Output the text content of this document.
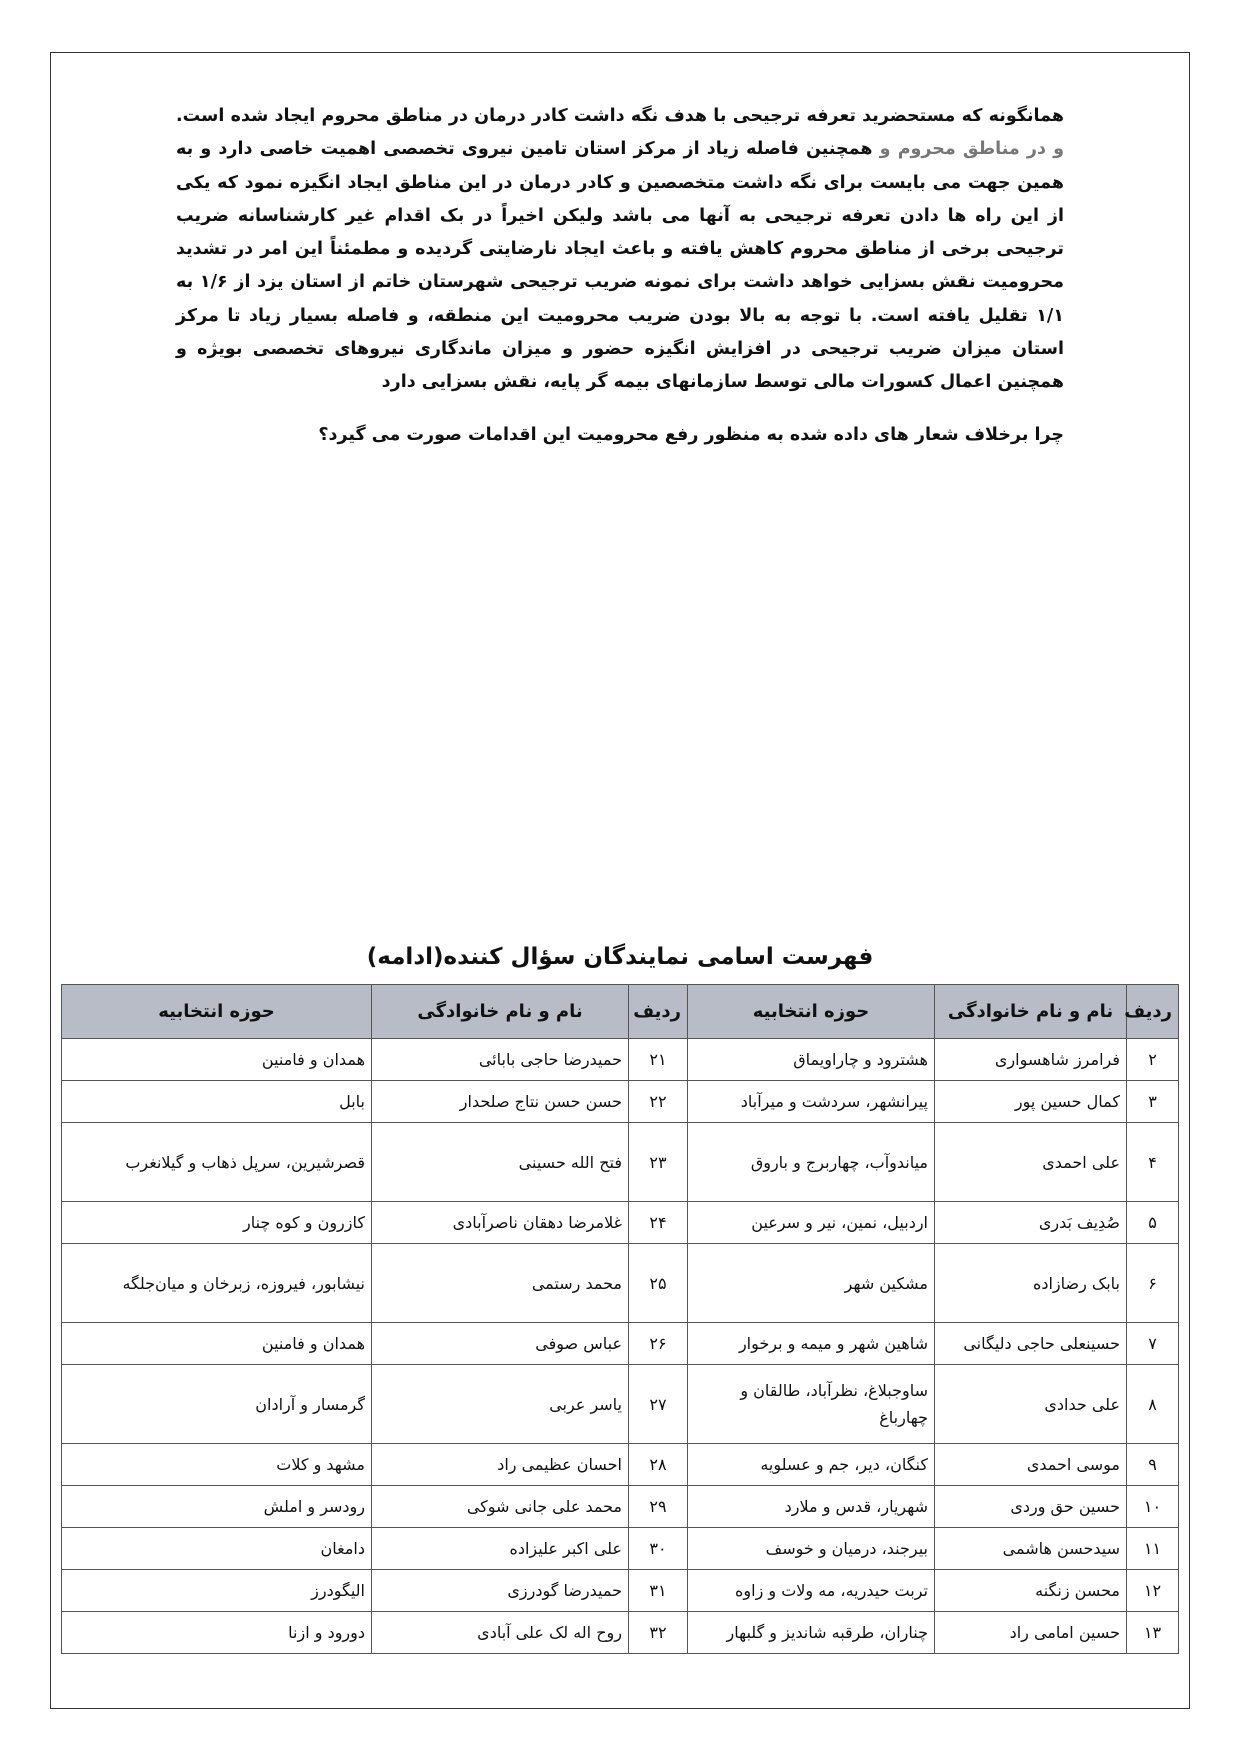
همانگونه که مستحضرید تعرفه ترجیحی با هدف نگه داشت کادر درمان در مناطق محروم ایجاد شده است. و در مناطق محروم و همچنین فاصله زیاد از مرکز استان تامین نیروی تخصصی اهمیت خاصی دارد و به همین جهت می بایست برای نگه داشت متخصصین و کادر درمان در این مناطق ایجاد انگیزه نمود که یکی از این راه ها دادن تعرفه ترجیحی به آنها می باشد ولیکن اخیراً در بک اقدام غیر کارشناسانه ضریب ترجیحی برخی از مناطق محروم کاهش یافته و باعث ایجاد نارضایتی گردیده و مطمئناً این امر در تشدید محرومیت نقش بسزایی خواهد داشت برای نمونه ضریب ترجیحی شهرستان خاتم از استان یزد از ۱/۶ به ۱/۱ تقلیل یافته است. با توجه به بالا بودن ضریب محرومیت این منطقه، و فاصله بسیار زیاد تا مرکز استان میزان ضریب ترجیحی در افزایش انگیزه حضور و میزان ماندگاری نیروهای تخصصی بویژه و همچنین اعمال کسورات مالی توسط سازمانهای بیمه گر پایه، نقش بسزایی دارد

چرا برخلاف شعار های داده شده به منظور رفع محرومیت این اقدامات صورت می گیرد؟

فهرست اسامی نمایندگان سؤال کننده(ادامه)
ردیف	نام و نام خانوادگی	حوزه انتخابیه	ردیف	نام و نام خانوادگی	حوزه انتخابیه
۲	فرامرز شاهسواری	هشترود و چاراویماق	۲۱	حمیدرضا حاجی بابائی	همدان و فامنین
۳	کمال حسین پور	پیرانشهر، سردشت و میرآباد	۲۲	حسن حسن نتاج صلحدار	بابل
۴	علی احمدی	میاندوآب، چهاربرج و باروق	۲۳	فتح الله حسینی	قصرشیرین، سرپل ذهاب و گیلانغرب
۵	صُدِیف بَدری	اردبیل، نمین، نیر و سرعین	۲۴	غلامرضا دهقان ناصرآبادی	کازرون و کوه چنار
۶	بابک رضازاده	مشکین شهر	۲۵	محمد رستمی	نیشابور، فیروزه، زبرخان و میان‌جلگه
۷	حسینعلی حاجی دلیگانی	شاهین شهر و میمه و برخوار	۲۶	عباس صوفی	همدان و فامنین
۸	علی حدادی	ساوجبلاغ، نظرآباد، طالقان و چهارباغ	۲۷	یاسر عربی	گرمسار و آرادان
۹	موسی احمدی	کنگان، دیر، جم و عسلویه	۲۸	احسان عظیمی راد	مشهد و کلات
۱۰	حسین حق وردی	شهریار، قدس و ملارد	۲۹	محمد علی جانی شوکی	رودسر و املش
۱۱	سیدحسن هاشمی	بیرجند، درمیان و خوسف	۳۰	علی اکبر علیزاده	دامغان
۱۲	محسن زنگنه	تربت حیدریه، مه ولات و زاوه	۳۱	حمیدرضا گودرزی	الیگودرز
۱۳	حسین امامی راد	چناران، طرقبه شاندیز و گلبهار	۳۲	روح اله لک علی آبادی	دورود و ازنا
